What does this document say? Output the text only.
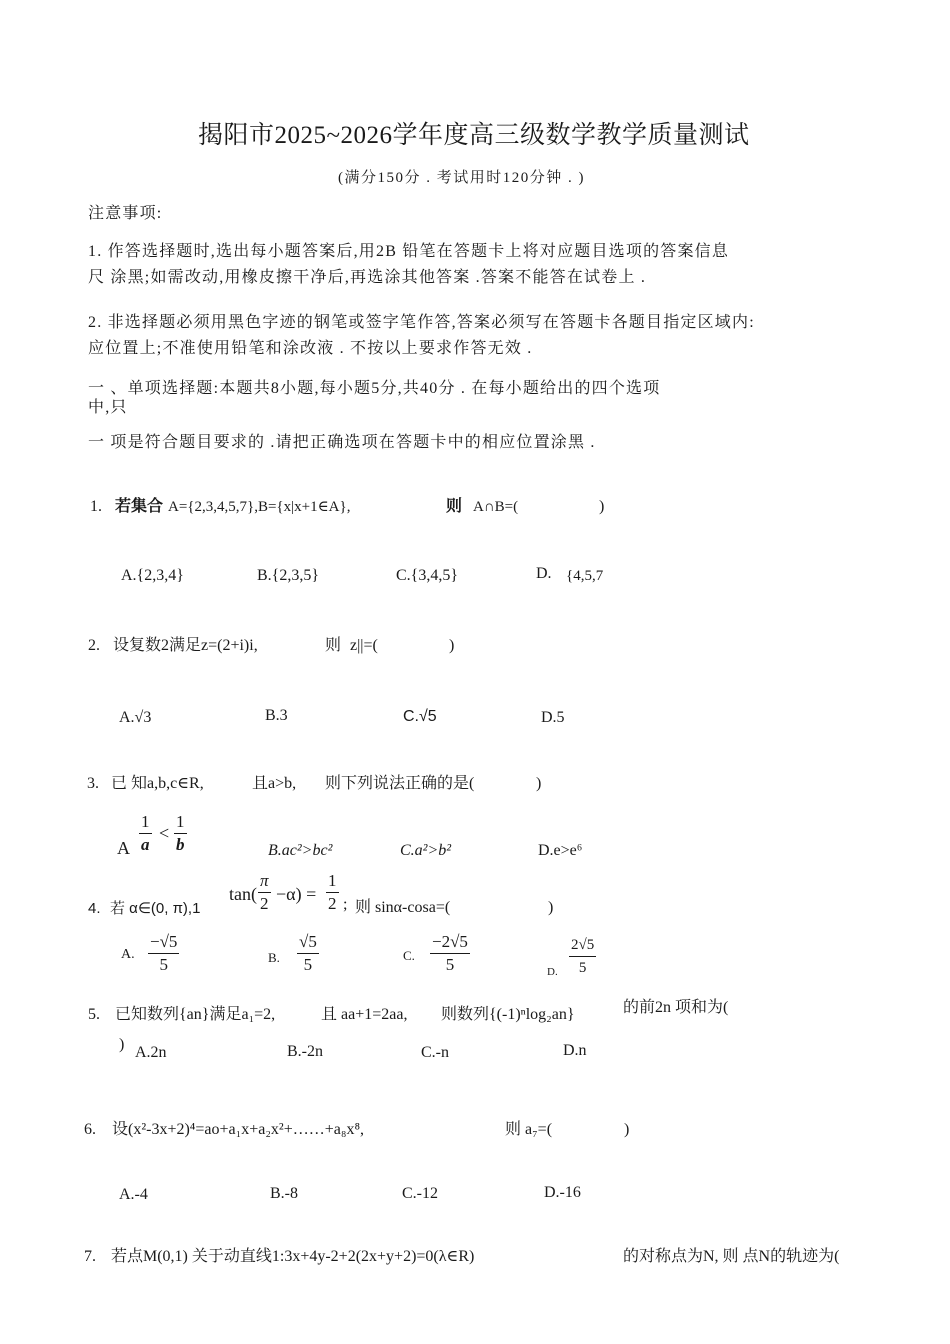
揭阳市2025~2026学年度高三级数学教学质量测试
(满分150分 . 考试用时120分钟 . )
注意事项:
1. 作答选择题时,选出每小题答案后,用2B 铅笔在答题卡上将对应题目选项的答案信息
尺 涂黑;如需改动,用橡皮擦干净后,再选涂其他答案 .答案不能答在试卷上 .
2. 非选择题必须用黑色字迹的钢笔或签字笔作答,答案必须写在答题卡各题目指定区域内:
应位置上;不准使用铅笔和涂改液 . 不按以上要求作答无效 .
一 、单项选择题:本题共8小题,每小题5分,共40分 . 在每小题给出的四个选项
中,只
一 项是符合题目要求的 .请把正确选项在答题卡中的相应位置涂黑 .
1. 若集合 A={2,3,4,5,7},B={x|x+1∈A},	则 A∩B=(	)
A.{2,3,4}	B.{2,3,5}	C.{3,4,5}	D. {4,5,7
2. 设复数2满足z=(2+i)i,	则 z||=(	)
A.√3	B.3	C.√5	D.5
3. 已 知a,b,c∈R,	且a>b, 则下列说法正确的是(	)
A
1
a
<
1
b	B.ac²>bc²	C.a²>b²	D.e>e⁶
4. 若 α∈(0, π),1
tan(
π
2 −α) =
1
2 ; 则 sinα-cosa=(	)
A.
−√5
5	B.
√5
5	C.
−2√5
5	D.
2√5
5
5. 已知数列{an}满足a₁=2,	且 aa+1=2aa, 则数列{(-1)ⁿlog₂an}	的前2n 项和为(
) A.2n	B.-2n	C.-n	D.n
6. 设(x²-3x+2)⁴=ao+a₁x+a₂x²+……+a₈x⁸,	则 a₇=(	)
A.-4	B.-8	C.-12	D.-16
7. 若点M(0,1) 关于动直线1:3x+4y-2+2(2x+y+2)=0(λ∈R)	的对称点为N, 则 点N的轨迹为(
